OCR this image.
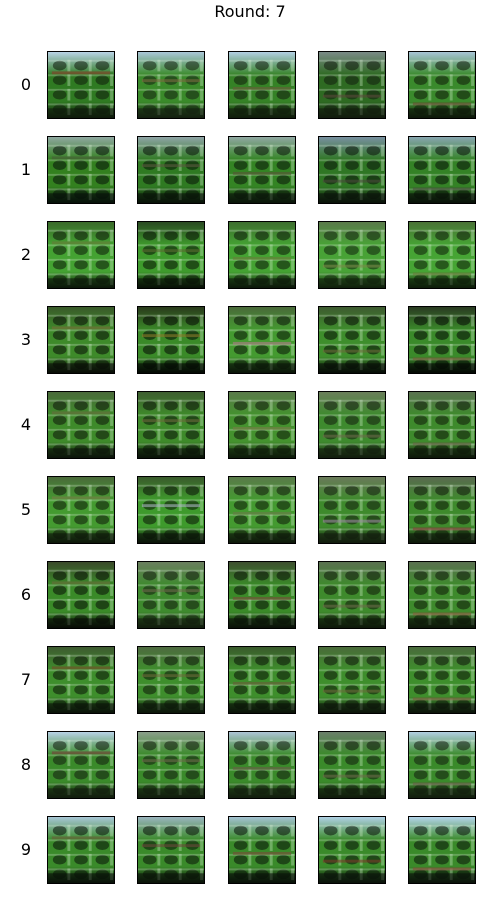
Round: 7
0
1
2
3
4
5
6
7
8
9
